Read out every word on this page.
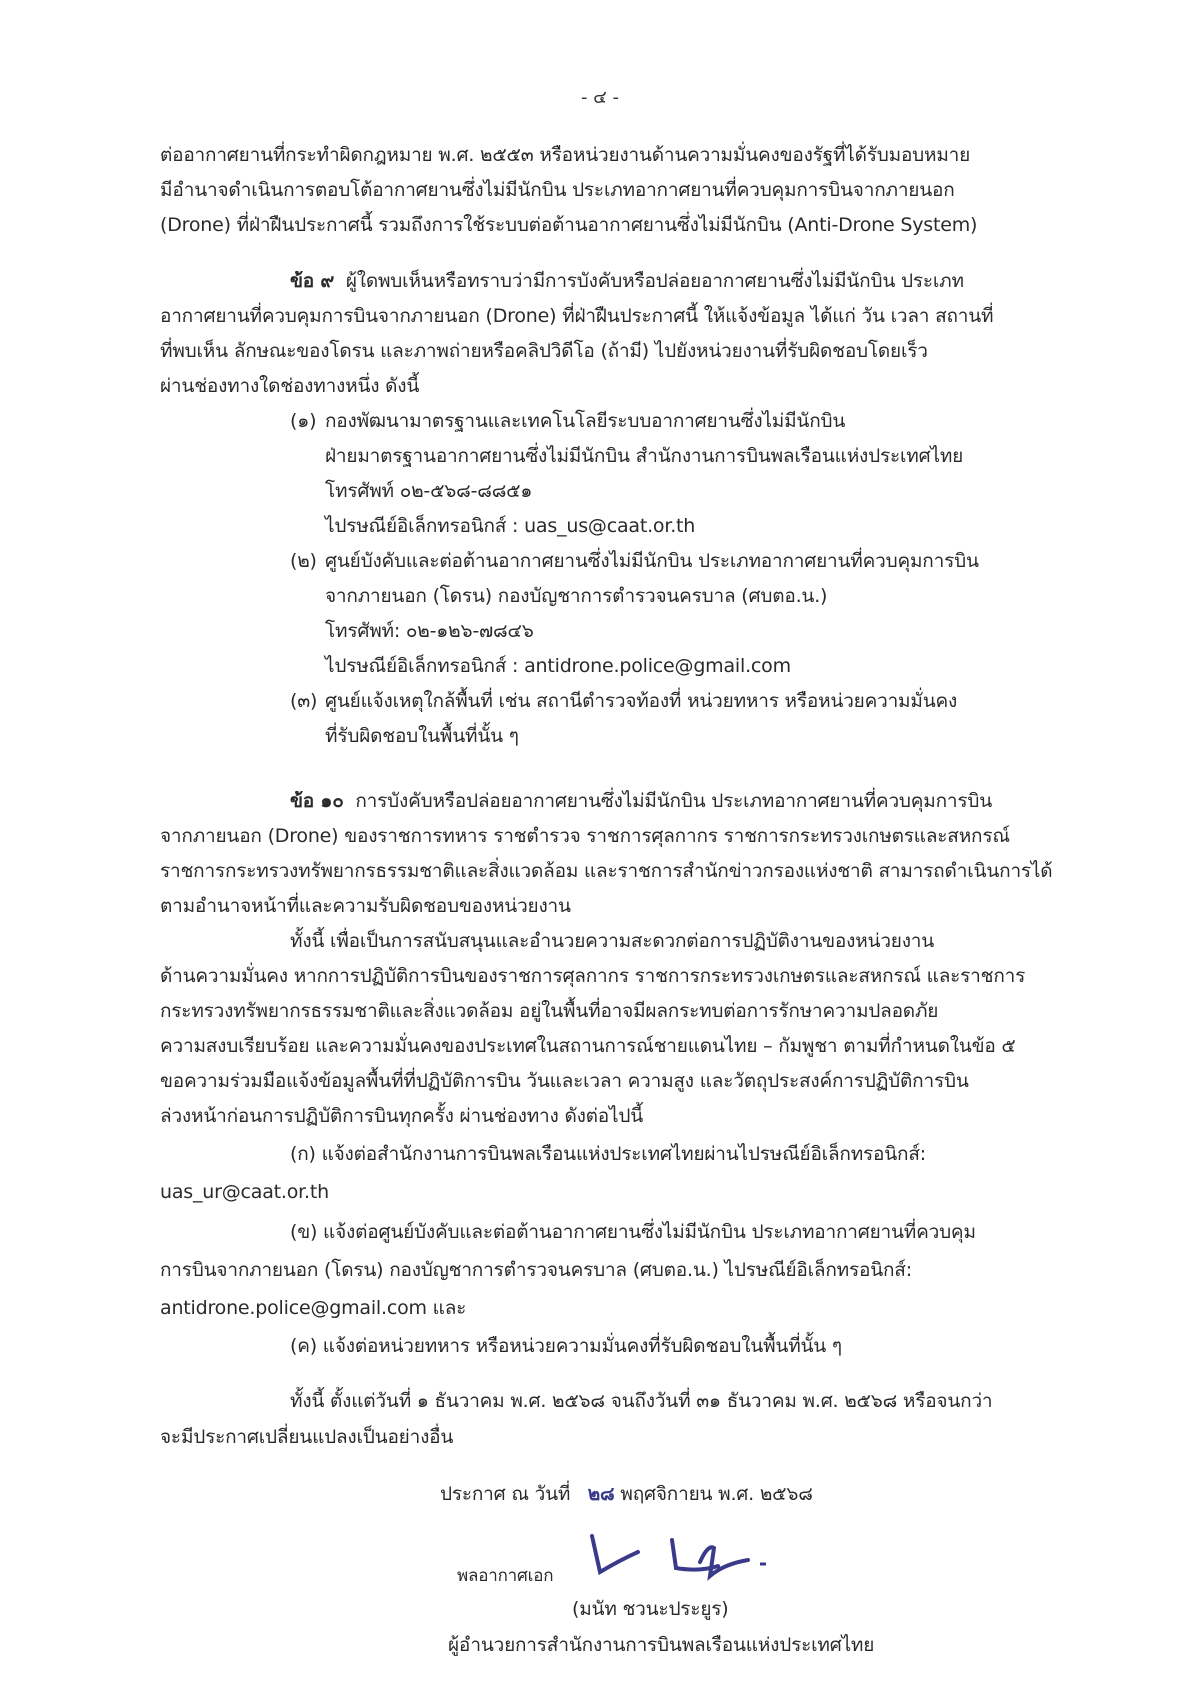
- ๔ -
ต่ออากาศยานที่กระทำผิดกฎหมาย พ.ศ. ๒๕๕๓ หรือหน่วยงานด้านความมั่นคงของรัฐที่ได้รับมอบหมาย
มีอำนาจดำเนินการตอบโต้อากาศยานซึ่งไม่มีนักบิน ประเภทอากาศยานที่ควบคุมการบินจากภายนอก
(Drone) ที่ฝ่าฝืนประกาศนี้ รวมถึงการใช้ระบบต่อต้านอากาศยานซึ่งไม่มีนักบิน (Anti-Drone System)
ข้อ ๙ ผู้ใดพบเห็นหรือทราบว่ามีการบังคับหรือปล่อยอากาศยานซึ่งไม่มีนักบิน ประเภท
อากาศยานที่ควบคุมการบินจากภายนอก (Drone) ที่ฝ่าฝืนประกาศนี้ ให้แจ้งข้อมูล ได้แก่ วัน เวลา สถานที่
ที่พบเห็น ลักษณะของโดรน และภาพถ่ายหรือคลิปวิดีโอ (ถ้ามี) ไปยังหน่วยงานที่รับผิดชอบโดยเร็ว
ผ่านช่องทางใดช่องทางหนึ่ง ดังนี้
(๑) กองพัฒนามาตรฐานและเทคโนโลยีระบบอากาศยานซึ่งไม่มีนักบิน
ฝ่ายมาตรฐานอากาศยานซึ่งไม่มีนักบิน สำนักงานการบินพลเรือนแห่งประเทศไทย
โทรศัพท์ ๐๒-๕๖๘-๘๘๕๑
ไปรษณีย์อิเล็กทรอนิกส์ : uas_us@caat.or.th
(๒) ศูนย์บังคับและต่อต้านอากาศยานซึ่งไม่มีนักบิน ประเภทอากาศยานที่ควบคุมการบิน
จากภายนอก (โดรน) กองบัญชาการตำรวจนครบาล (ศบตอ.น.)
โทรศัพท์: ๐๒-๑๒๖-๗๘๔๖
ไปรษณีย์อิเล็กทรอนิกส์ : antidrone.police@gmail.com
(๓) ศูนย์แจ้งเหตุใกล้พื้นที่ เช่น สถานีตำรวจท้องที่ หน่วยทหาร หรือหน่วยความมั่นคง
ที่รับผิดชอบในพื้นที่นั้น ๆ
ข้อ ๑๐ การบังคับหรือปล่อยอากาศยานซึ่งไม่มีนักบิน ประเภทอากาศยานที่ควบคุมการบิน
จากภายนอก (Drone) ของราชการทหาร ราชตำรวจ ราชการศุลกากร ราชการกระทรวงเกษตรและสหกรณ์
ราชการกระทรวงทรัพยากรธรรมชาติและสิ่งแวดล้อม และราชการสำนักข่าวกรองแห่งชาติ สามารถดำเนินการได้
ตามอำนาจหน้าที่และความรับผิดชอบของหน่วยงาน
ทั้งนี้ เพื่อเป็นการสนับสนุนและอำนวยความสะดวกต่อการปฏิบัติงานของหน่วยงาน
ด้านความมั่นคง หากการปฏิบัติการบินของราชการศุลกากร ราชการกระทรวงเกษตรและสหกรณ์ และราชการ
กระทรวงทรัพยากรธรรมชาติและสิ่งแวดล้อม อยู่ในพื้นที่อาจมีผลกระทบต่อการรักษาความปลอดภัย
ความสงบเรียบร้อย และความมั่นคงของประเทศในสถานการณ์ชายแดนไทย – กัมพูชา ตามที่กำหนดในข้อ ๕
ขอความร่วมมือแจ้งข้อมูลพื้นที่ที่ปฏิบัติการบิน วันและเวลา ความสูง และวัตถุประสงค์การปฏิบัติการบิน
ล่วงหน้าก่อนการปฏิบัติการบินทุกครั้ง ผ่านช่องทาง ดังต่อไปนี้
(ก) แจ้งต่อสำนักงานการบินพลเรือนแห่งประเทศไทยผ่านไปรษณีย์อิเล็กทรอนิกส์:
uas_ur@caat.or.th
(ข) แจ้งต่อศูนย์บังคับและต่อต้านอากาศยานซึ่งไม่มีนักบิน ประเภทอากาศยานที่ควบคุม
การบินจากภายนอก (โดรน) กองบัญชาการตำรวจนครบาล (ศบตอ.น.) ไปรษณีย์อิเล็กทรอนิกส์:
antidrone.police@gmail.com และ
(ค) แจ้งต่อหน่วยทหาร หรือหน่วยความมั่นคงที่รับผิดชอบในพื้นที่นั้น ๆ
ทั้งนี้ ตั้งแต่วันที่ ๑ ธันวาคม พ.ศ. ๒๕๖๘ จนถึงวันที่ ๓๑ ธันวาคม พ.ศ. ๒๕๖๘ หรือจนกว่า
จะมีประกาศเปลี่ยนแปลงเป็นอย่างอื่น
ประกาศ ณ วันที่ ๒๘ พฤศจิกายน พ.ศ. ๒๕๖๘
พลอากาศเอก
(มนัท ชวนะประยูร)
ผู้อำนวยการสำนักงานการบินพลเรือนแห่งประเทศไทย
